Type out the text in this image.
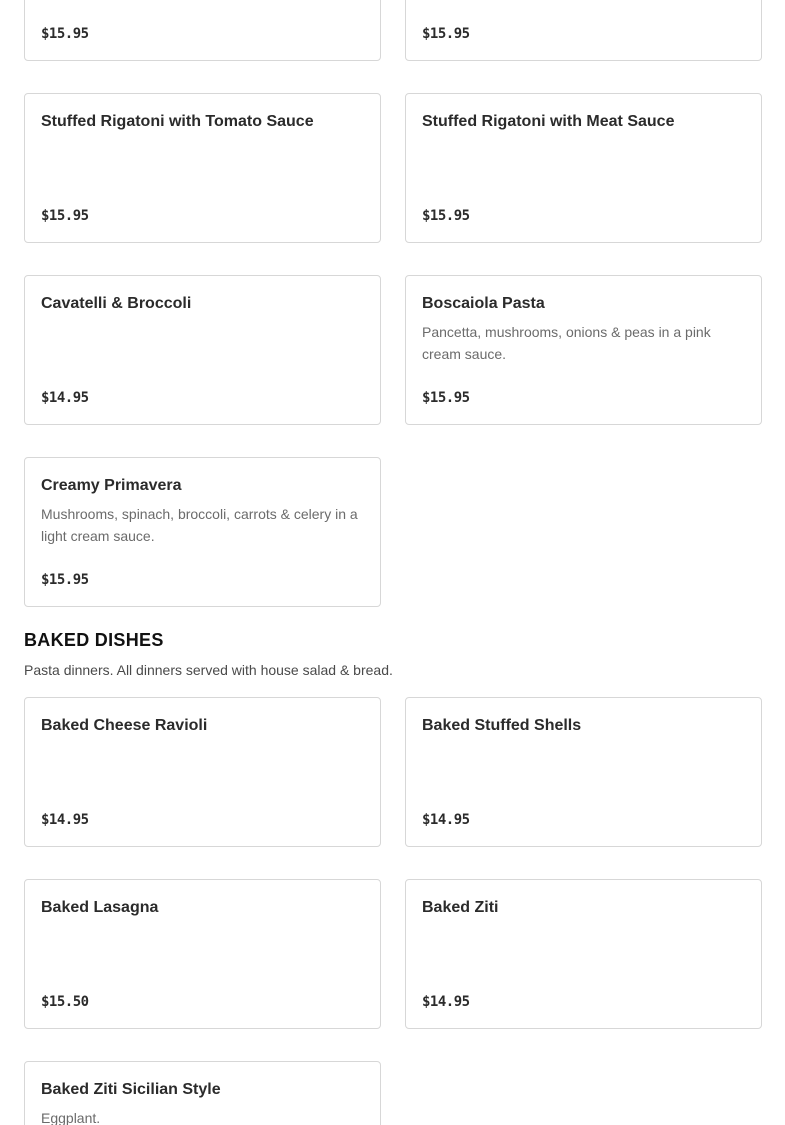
$15.95	$15.95
Stuffed Rigatoni with Tomato Sauce
$15.95
Stuffed Rigatoni with Meat Sauce
$15.95
Cavatelli & Broccoli
$14.95
Boscaiola Pasta
Pancetta, mushrooms, onions & peas in a pink cream sauce.
$15.95
Creamy Primavera
Mushrooms, spinach, broccoli, carrots & celery in a light cream sauce.
$15.95
BAKED DISHES

Pasta dinners. All dinners served with house salad & bread.

Baked Cheese Ravioli
$14.95
Baked Stuffed Shells
$14.95
Baked Lasagna
$15.50
Baked Ziti
$14.95
Baked Ziti Sicilian Style
Eggplant.
